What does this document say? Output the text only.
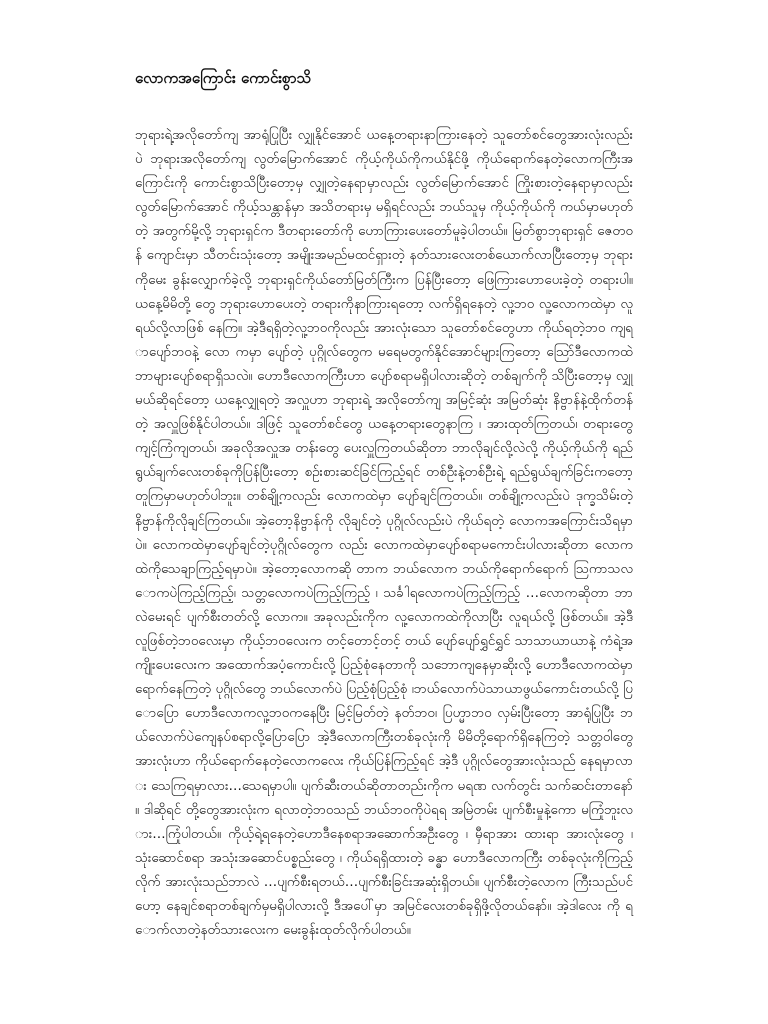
လောကအကြောင်း ကောင်းစွာသိ

ဘုရားရဲ့အလိုတော်ကျ အာရုံပြုပြီး လျှုနိုင်အောင် ယနေ့တရားနာကြားနေတဲ့ သူတော်စင်တွေအားလုံးလည်း ပဲ ဘုရားအလိုတော်ကျ လွတ်မြောက်အောင် ကိုယ့်ကိုယ်ကိုကယ်နိုင်ဖို့ ကိုယ်ရောက်နေတဲ့လောကကြီးအ ကြောင်းကို ကောင်းစွာသိပြီးတော့မှ လျှုတဲ့နေရာမှာလည်း လွတ်မြောက်အောင် ကြိုးစားတဲ့နေရာမှာလည်း လွတ်မြောက်အောင် ကိုယ့်သန္တာန်မှာ အသိတရားမှ မရှိရင်လည်း ဘယ်သူမှ ကိုယ့်ကိုယ်ကို ကယ်မှာမဟုတ်တဲ့ အတွက်မို့လို့ ဘုရားရှင်က ဒီတရားတော်ကို ဟောကြားပေးတော်မူခဲ့ပါတယ်။ မြတ်စွာဘုရားရှင် ဇေတဝန် ကျောင်းမှာ သီတင်းသုံးတော့ အမျိုးအမည်မထင်ရှားတဲ့ နတ်သားလေးတစ်ယောက်လာပြီးတော့မှ ဘုရားကိုမေး ခွန်းလျှောက်ခဲ့လို့ ဘုရားရှင်ကိုယ်တော်မြတ်ကြီးက ပြန်ပြီးတော့ ဖြေကြားဟောပေးခဲ့တဲ့ တရားပါ။ ယနေ့မိမိတို့ တွေ ဘုရားဟောပေးတဲ့ တရားကိုနာကြားရတော့ လက်ရှိရနေတဲ့ လူ့ဘဝ လူ့လောကထဲမှာ လူရယ်လို့လာဖြစ် နေကြ။ အဲ့ဒီရရှိတဲ့လူ့ဘဝကိုလည်း အားလုံးသော သူတော်စင်တွေဟာ ကိုယ်ရတဲ့ဘဝ ကျရာပျော်ဘဝနဲ့ လော ကမှာ ပျော်တဲ့ ပုဂ္ဂိုလ်တွေက မရေမတွက်နိုင်အောင်များကြတော့ သြော်ဒီလောကထဲ ဘာများပျော်စရာရှိသလဲ။ ဟောဒီလောကကြီးဟာ ပျော်စရာမရှိပါလားဆိုတဲ့ တစ်ချက်ကို သိပြီးတော့မှ လျှုမယ်ဆိုရင်တော့ ယနေ့လျှုရတဲ့ အလှူဟာ ဘုရားရဲ့ အလိုတော်ကျ အမြင့်ဆုံး အမြတ်ဆုံး နိဗ္ဗာန်နဲ့ထိုက်တန်တဲ့ အလှူဖြစ်နိုင်ပါတယ်။ ဒါဖြင့် သူတော်စင်တွေ ယနေ့တရားတွေနာကြ ၊ အားထုတ်ကြတယ်၊ တရားတွေကျင့်ကြံကျတယ်၊ အခုလိုအလှူအ တန်းတွေ ပေးလှူကြတယ်ဆိုတာ ဘာလိုချင်လို့လဲလို့ ကိုယ့်ကိုယ်ကို ရည်ရွယ်ချက်လေးတစ်ခုကိုပြန်ပြီးတော့ စဉ်းစားဆင်ခြင်ကြည့်ရင် တစ်ဦးနဲ့တစ်ဦးရဲ့ ရည်ရွယ်ချက်ခြင်းကတော့ တူကြမှာမဟုတ်ပါဘူး။ တစ်ချို့ကလည်း လောကထဲမှာ ပျော်ချင်ကြတယ်။ တစ်ချို့ကလည်းပဲ ဒုက္ခသိမ်းတဲ့ နိဗ္ဗာန်ကိုလိုချင်ကြတယ်။ အဲ့တော့နိဗ္ဗာန်ကို လိုချင်တဲ့ ပုဂ္ဂိုလ်လည်းပဲ ကိုယ်ရတဲ့ လောကအကြောင်းသိရမှာပဲ။ လောကထဲမှာပျော်ချင်တဲ့ပုဂ္ဂိုလ်တွေက လည်း လောကထဲမှာပျော်စရာမကောင်းပါလားဆိုတာ လောကထဲကိုသေချာကြည့်ရမှာပဲ။ အဲ့တော့လောကဆို တာက ဘယ်လောက ဘယ်ကိုရောက်ရောက် ဩကာသလောကပဲကြည့်ကြည့်၊ သတ္တလောကပဲကြည့်ကြည့် ၊ သင်္ခါရလောကပဲကြည့်ကြည့် …လောကဆိုတာ ဘာလဲမေးရင် ပျက်စီးတတ်လို့ လောက။ အခုလည်းကိုက လူ့လောကထဲကိုလာပြီး လူရယ်လို့ ဖြစ်တယ်။ အဲ့ဒီလူဖြစ်တဲ့ဘဝလေးမှာ ကိုယ့်ဘဝလေးက တင့်တောင့်တင့် တယ် ပျော်ပျော်ရွှင်ရွှင် သာသာယာယာနဲ့ ကံရဲ့အကျိုးပေးလေးက အထောက်အပံ့ကောင်းလို့ ပြည့်စုံနေတာကို သဘောကျနေမှာဆိုးလို့ ဟောဒီလောကထဲမှာရောက်နေကြတဲ့ ပုဂ္ဂိုလ်တွေ ဘယ်လောက်ပဲ ပြည့်စုံပြည့်စုံ ၊ဘယ်လောက်ပဲသာယာဖွယ်ကောင်းတယ်လို့ ပြောပြော ဟောဒီလောကလူ့ဘဝကနေပြီး မြင့်မြတ်တဲ့ နတ်ဘဝ၊ ပြဟ္မာဘဝ လှမ်းပြီးတော့ အာရုံပြုပြီး ဘယ်လောက်ပဲကျေနပ်စရာလို့ပြောပြော အဲ့ဒီလောကကြီးတစ်ခုလုံးကို မိမိတို့ရောက်ရှိနေကြတဲ့ သတ္တဝါတွေအားလုံးဟာ ကိုယ်ရောက်နေတဲ့လောကလေး ကိုယ်ပြန်ကြည့်ရင် အဲ့ဒီ ပုဂ္ဂိုလ်တွေအားလုံးသည် နေရမှာလား သေကြရမှာလား…သေရမှာပါ။ ပျက်ဆီးတယ်ဆိုတာတည်းကိုက မရဏ လက်တွင်း သက်ဆင်းတာနော်။ ဒါဆိုရင် တို့တွေအားလုံးက ရလာတဲ့ဘဝသည် ဘယ်ဘဝကိုပဲရရ အမြဲတမ်း ပျက်စီးမှုနဲ့ကော မကြုံဘူးလား…ကြုံပါတယ်။ ကိုယ့်ရဲ့ရနေတဲ့ဟောဒီနေစရာအဆောက်အဦးတွေ ၊ မှီရာအား ထားရာ အားလုံးတွေ ၊ သုံးဆောင်စရာ အသုံးအဆောင်ပစ္စည်းတွေ ၊ ကိုယ်ရရှိထားတဲ့ ခန္ဓာ ဟောဒီလောကကြီး တစ်ခုလုံးကိုကြည့်လိုက် အားလုံးသည်ဘာလဲ …ပျက်စီးရတယ်…ပျက်စီးခြင်းအဆုံးရှိတယ်။ ပျက်စီးတဲ့လောက ကြီးသည်ပင်ဟော့ နေချင်စရာတစ်ချက်မှမရှိပါလားလို့ ဒီအပေါ်မှာ အမြင်လေးတစ်ခုရှိဖို့လိုတယ်နော်။ အဲ့ဒါလေး ကို ရောက်လာတဲ့နတ်သားလေးက မေးခွန်းထုတ်လိုက်ပါတယ်။
